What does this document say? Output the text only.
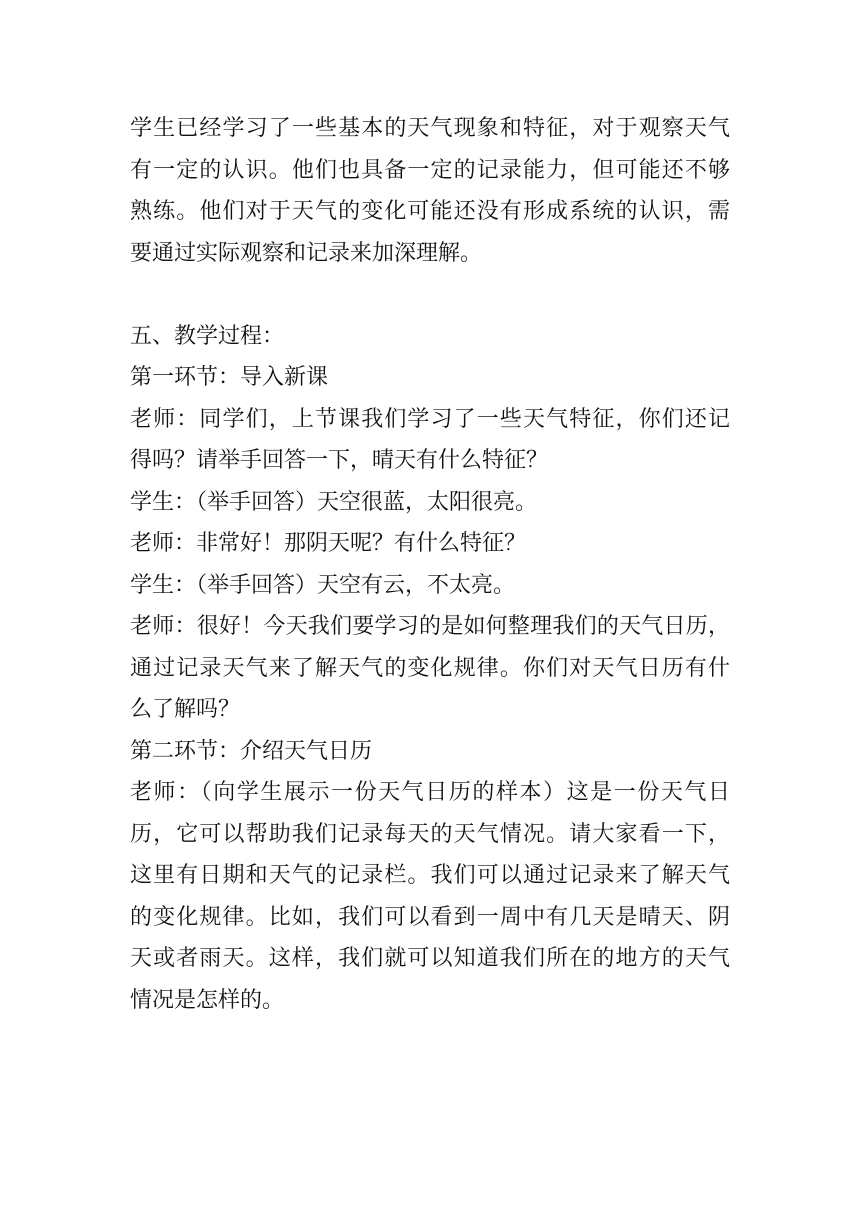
学生已经学习了一些基本的天气现象和特征，对于观察天气
有一定的认识。他们也具备一定的记录能力，但可能还不够
熟练。他们对于天气的变化可能还没有形成系统的认识，需
要通过实际观察和记录来加深理解。
五、教学过程：
第一环节：导入新课
老师：同学们，上节课我们学习了一些天气特征，你们还记
得吗？请举手回答一下，晴天有什么特征？
学生：（举手回答）天空很蓝，太阳很亮。
老师：非常好！那阴天呢？有什么特征？
学生：（举手回答）天空有云，不太亮。
老师：很好！今天我们要学习的是如何整理我们的天气日历，
通过记录天气来了解天气的变化规律。你们对天气日历有什
么了解吗？
第二环节：介绍天气日历
老师：（向学生展示一份天气日历的样本）这是一份天气日
历，它可以帮助我们记录每天的天气情况。请大家看一下，
这里有日期和天气的记录栏。我们可以通过记录来了解天气
的变化规律。比如，我们可以看到一周中有几天是晴天、阴
天或者雨天。这样，我们就可以知道我们所在的地方的天气
情况是怎样的。
